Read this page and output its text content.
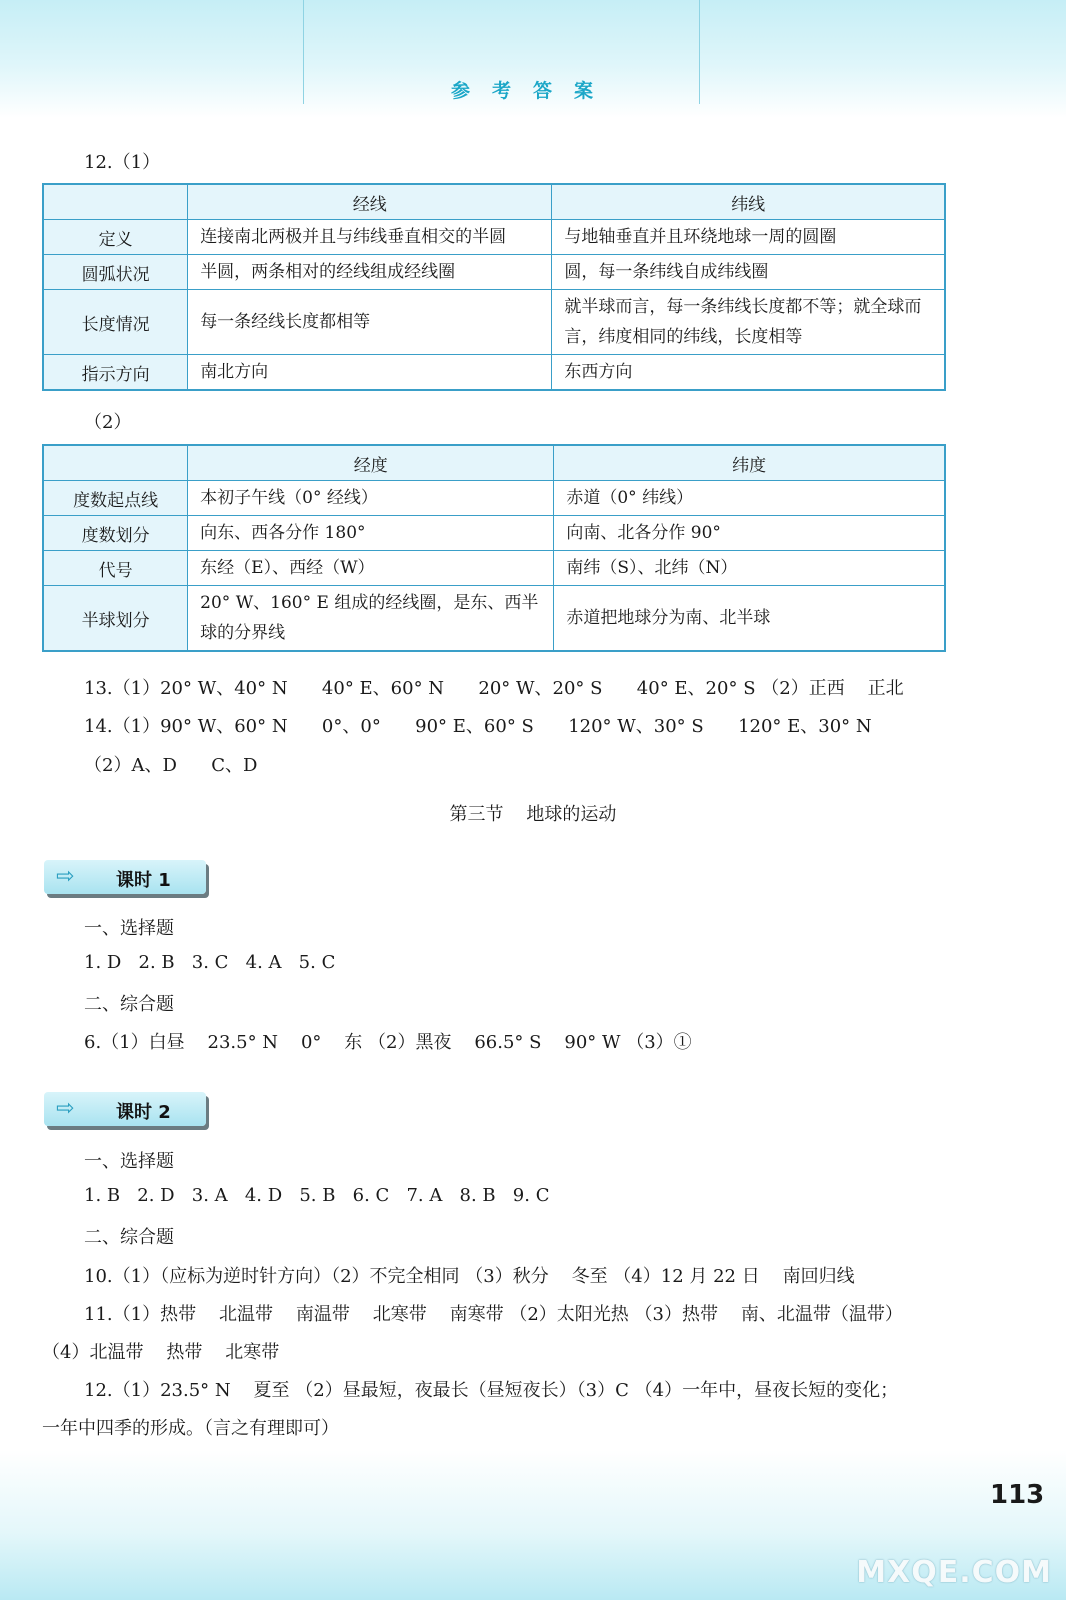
参考答案
12.（1）
	经线	纬线
定义	连接南北两极并且与纬线垂直相交的半圆	与地轴垂直并且环绕地球一周的圆圈
圆弧状况	半圆，两条相对的经线组成经线圈	圆，每一条纬线自成纬线圈
长度情况	每一条经线长度都相等	就半球而言，每一条纬线长度都不等；就全球而言，纬度相同的纬线，长度相等
指示方向	南北方向	东西方向
（2）
	经度	纬度
度数起点线	本初子午线（0° 经线）	赤道（0° 纬线）
度数划分	向东、西各分作 180°	向南、北各分作 90°
代号	东经（E）、西经（W）	南纬（S）、北纬（N）
半球划分	20° W、160° E 组成的经线圈，是东、西半球的分界线	赤道把地球分为南、北半球
13.（1）20° W、40° N      40° E、60° N      20° W、20° S      40° E、20° S （2）正西    正北
14.（1）90° W、60° N      0°、0°      90° E、60° S      120° W、30° S      120° E、30° N
（2）A、D      C、D
第三节    地球的运动
⇨ 课时 1
一、选择题
1. D   2. B   3. C   4. A   5. C
二、综合题
6.（1）白昼    23.5° N    0°    东 （2）黑夜    66.5° S    90° W （3）①
⇨ 课时 2
一、选择题
1. B   2. D   3. A   4. D   5. B   6. C   7. A   8. B   9. C
二、综合题
10.（1）（应标为逆时针方向）（2）不完全相同 （3）秋分    冬至 （4）12 月 22 日    南回归线
11.（1）热带    北温带    南温带    北寒带    南寒带 （2）太阳光热 （3）热带    南、北温带（温带）
（4）北温带    热带    北寒带
12.（1）23.5° N    夏至 （2）昼最短，夜最长（昼短夜长）（3）C （4）一年中，昼夜长短的变化；
一年中四季的形成。（言之有理即可）
113
MXQE.COM
